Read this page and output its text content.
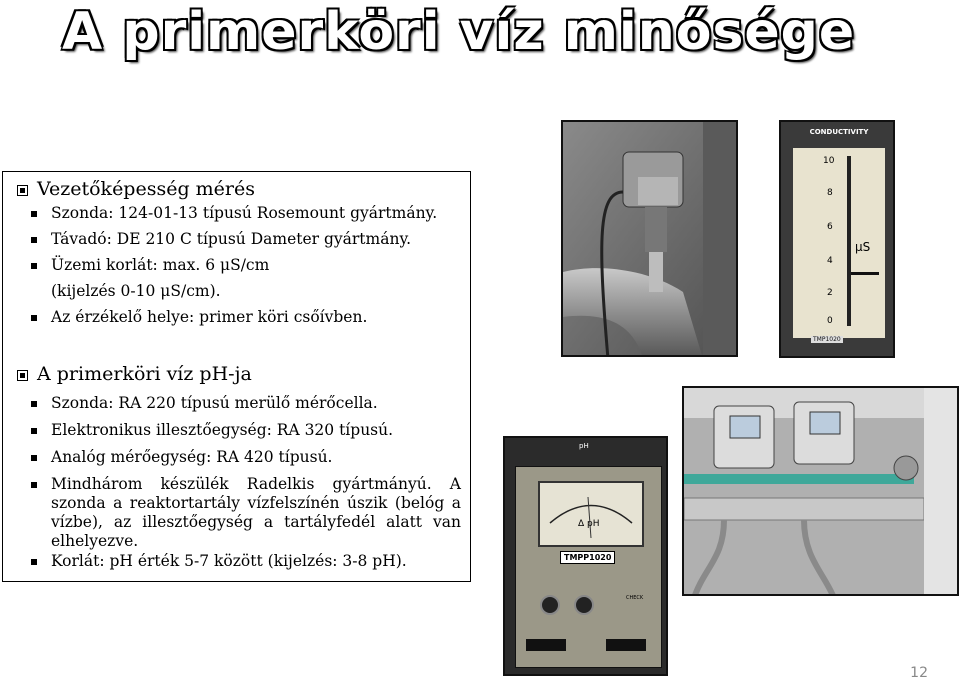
A primerköri víz minősége
Vezetőképesség mérés
Szonda: 124-01-13 típusú Rosemount gyártmány.
Távadó: DE 210 C típusú Dameter gyártmány.
Üzemi korlát: max. 6 μS/cm
(kijelzés 0-10 μS/cm).
Az érzékelő helye: primer köri csőívben.
A primerköri víz pH-ja
Szonda: RA 220 típusú merülő mérőcella.
Elektronikus illesztőegység: RA 320 típusú.
Analóg mérőegység: RA 420 típusú.
Mindhárom készülék Radelkis gyártmányú. A szonda a reaktortartály vízfelszínén úszik (belóg a vízbe), az illesztőegység a tartályfedél alatt van elhelyezve.
Korlát: pH érték 5-7 között (kijelzés: 3-8 pH).
CONDUCTIVITY
10
8
6
4
2
0
μS
TMP1020
pH
Δ pH
TMPP1020
CHECK
12
